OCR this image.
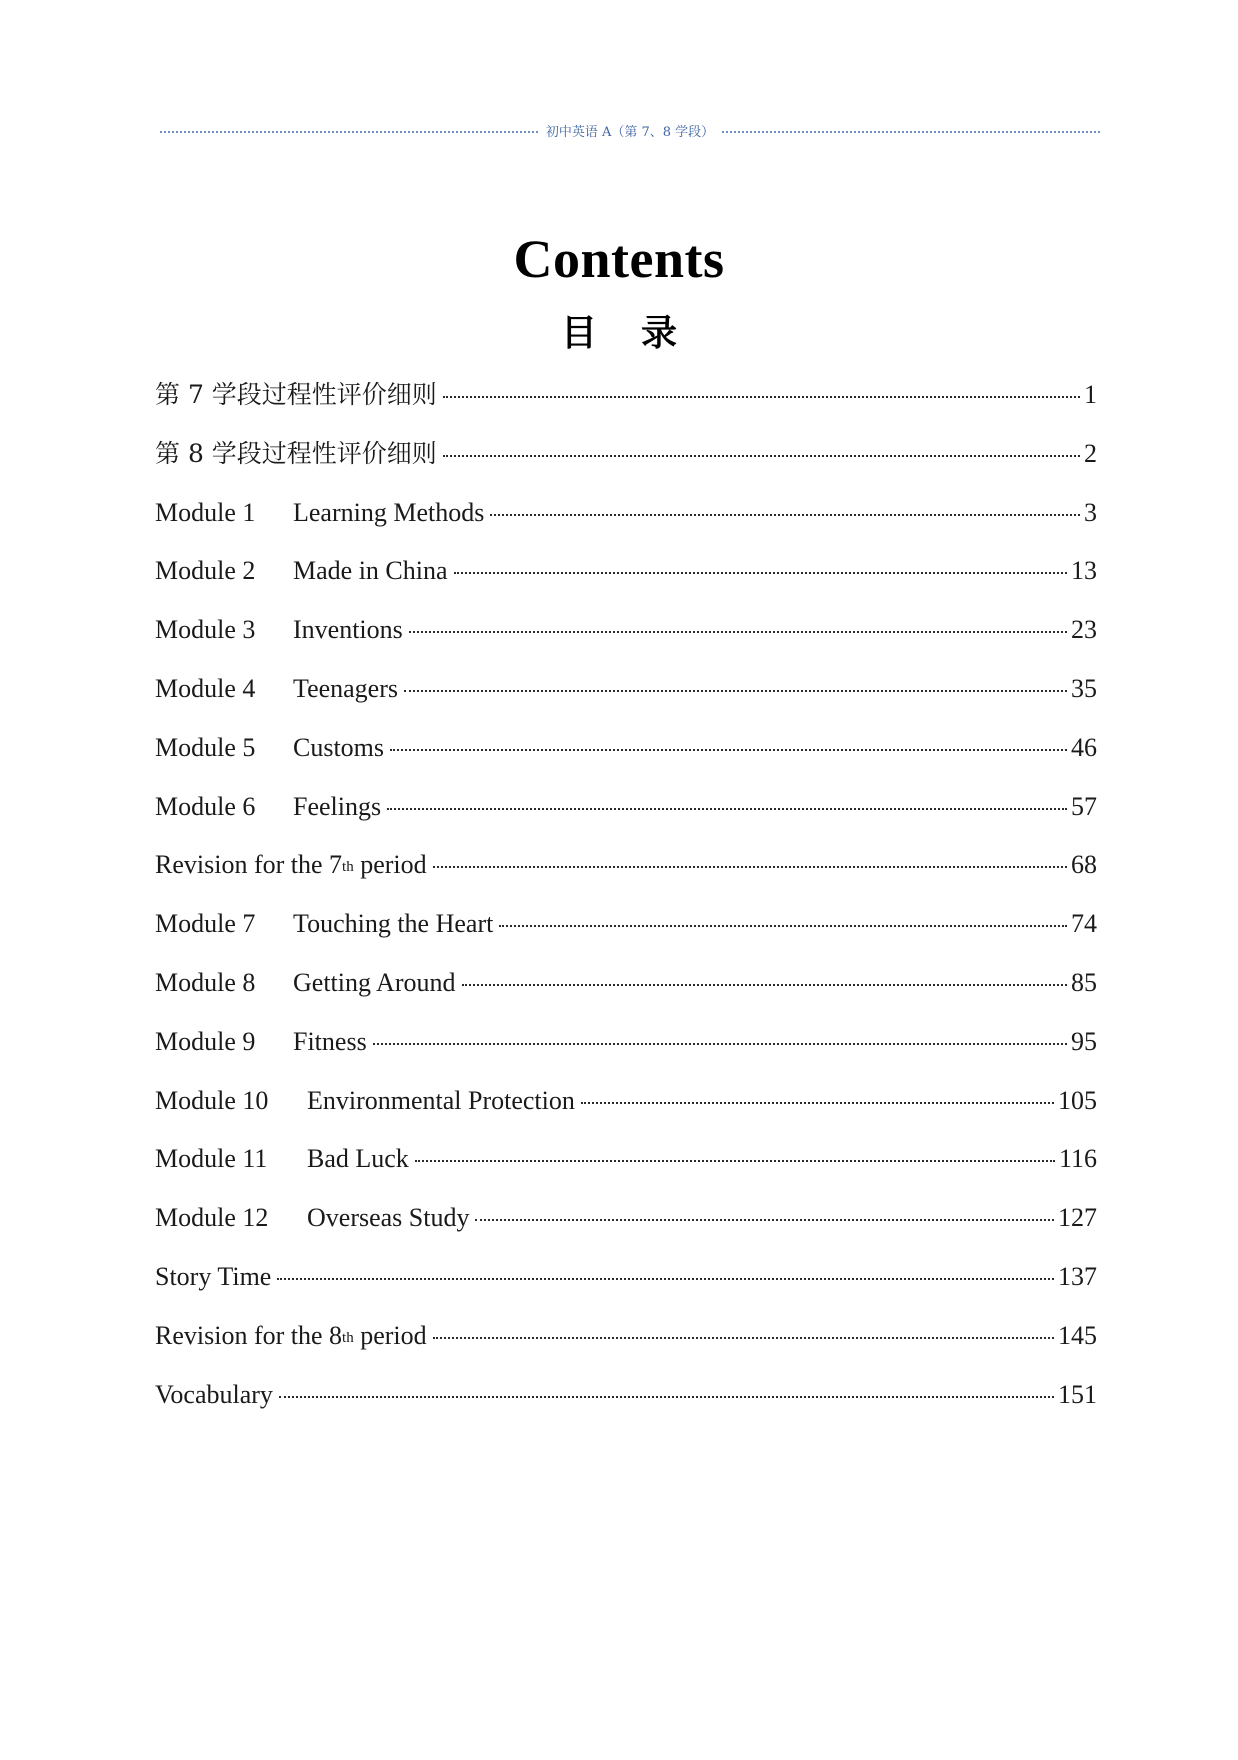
初中英语 A（第 7、8 学段）
Contents
目录
第 7 学段过程性评价细则	1
第 8 学段过程性评价细则	2
Module 1	Learning Methods	3
Module 2	Made in China	13
Module 3	Inventions	23
Module 4	Teenagers	35
Module 5	Customs	46
Module 6	Feelings	57
Revision for the 7th period	68
Module 7	Touching the Heart	74
Module 8	Getting Around	85
Module 9	Fitness	95
Module 10	Environmental Protection	105
Module 11	Bad Luck	116
Module 12	Overseas Study	127
Story Time	137
Revision for the 8th period	145
Vocabulary	151
